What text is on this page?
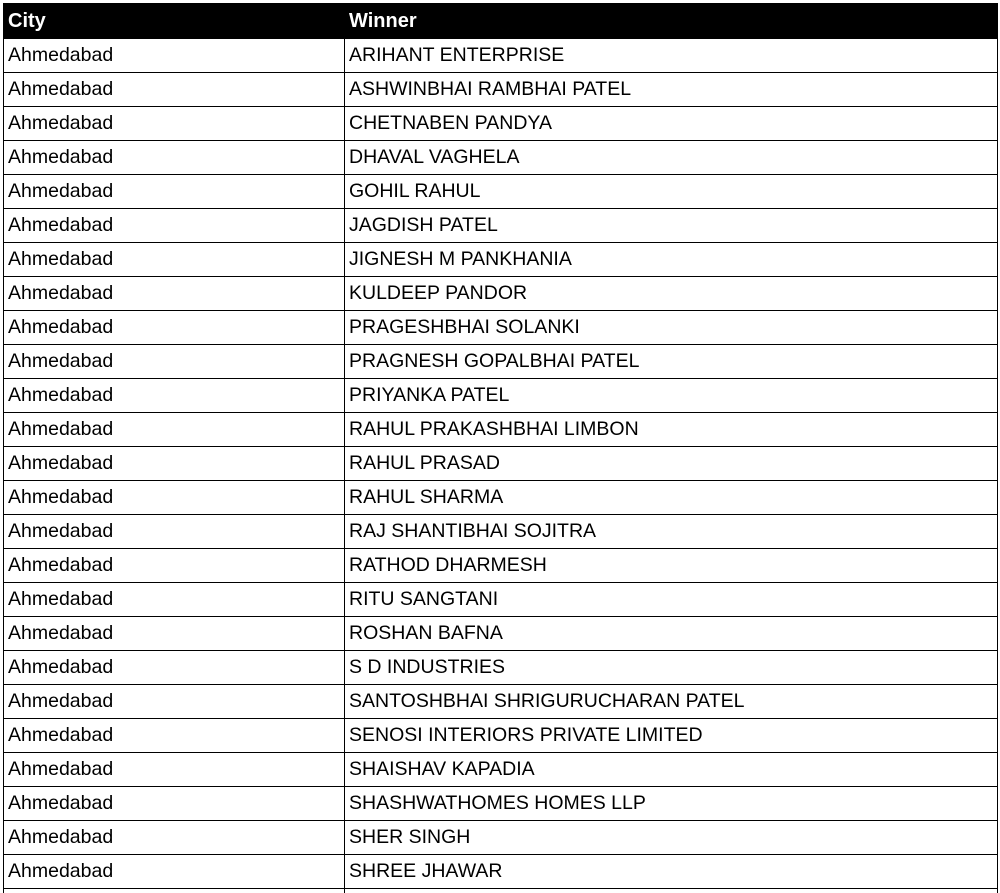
City	Winner
Ahmedabad	ARIHANT ENTERPRISE
Ahmedabad	ASHWINBHAI RAMBHAI PATEL
Ahmedabad	CHETNABEN PANDYA
Ahmedabad	DHAVAL VAGHELA
Ahmedabad	GOHIL RAHUL
Ahmedabad	JAGDISH PATEL
Ahmedabad	JIGNESH M PANKHANIA
Ahmedabad	KULDEEP PANDOR
Ahmedabad	PRAGESHBHAI SOLANKI
Ahmedabad	PRAGNESH GOPALBHAI PATEL
Ahmedabad	PRIYANKA PATEL
Ahmedabad	RAHUL PRAKASHBHAI LIMBON
Ahmedabad	RAHUL PRASAD
Ahmedabad	RAHUL SHARMA
Ahmedabad	RAJ SHANTIBHAI SOJITRA
Ahmedabad	RATHOD DHARMESH
Ahmedabad	RITU SANGTANI
Ahmedabad	ROSHAN BAFNA
Ahmedabad	S D INDUSTRIES
Ahmedabad	SANTOSHBHAI SHRIGURUCHARAN PATEL
Ahmedabad	SENOSI INTERIORS PRIVATE LIMITED
Ahmedabad	SHAISHAV KAPADIA
Ahmedabad	SHASHWATHOMES HOMES LLP
Ahmedabad	SHER SINGH
Ahmedabad	SHREE JHAWAR
